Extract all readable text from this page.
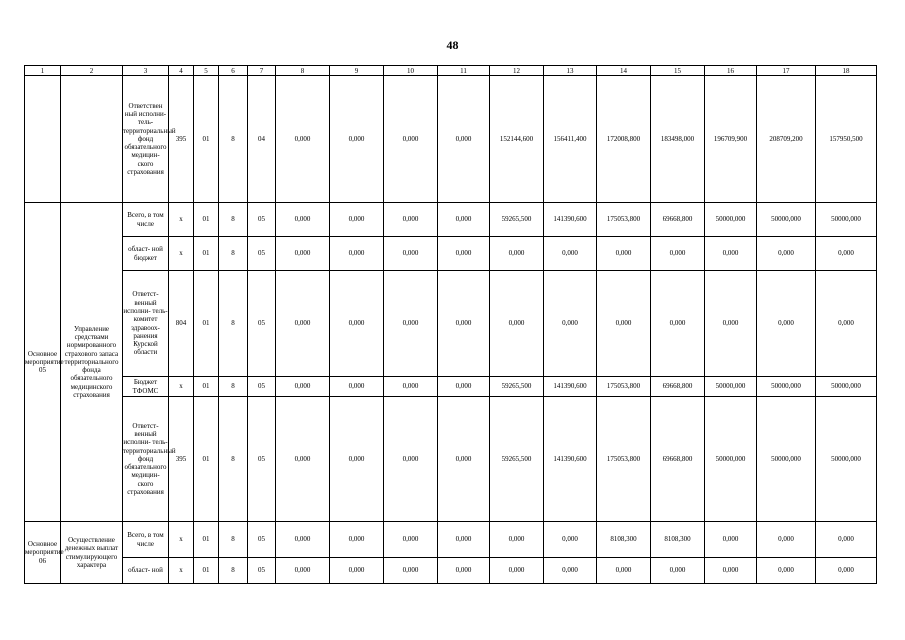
48
1	2	3	4	5	6	7	8	9	10	11	12	13	14	15	16	17	18
		Ответствен ный исполни- тель- территориальный фонд обязательного медицин- ского страхования	395	01	8	04	0,000	0,000	0,000	0,000	152144,600	156411,400	172008,800	183498,000	196709,900	208709,200	157950,500
Основное мероприятие 05	Управление средствами нормированного страхового запаса территориального фонда обязательного медицинского страхования	Всего, в том числе	x	01	8	05	0,000	0,000	0,000	0,000	59265,500	141390,600	175053,800	69668,800	50000,000	50000,000	50000,000
		област- ной бюджет	x	01	8	05	0,000	0,000	0,000	0,000	0,000	0,000	0,000	0,000	0,000	0,000	0,000
		Ответст- венный исполни- тель- комитет здравоох- ранения Курской области	804	01	8	05	0,000	0,000	0,000	0,000	0,000	0,000	0,000	0,000	0,000	0,000	0,000
		Бюджет ТФОМС	x	01	8	05	0,000	0,000	0,000	0,000	59265,500	141390,600	175053,800	69668,800	50000,000	50000,000	50000,000
		Ответст- венный исполни- тель- территориальный фонд обязательного медицин- ского страхования	395	01	8	05	0,000	0,000	0,000	0,000	59265,500	141390,600	175053,800	69668,800	50000,000	50000,000	50000,000
Основное мероприятие 06	Осуществление денежных выплат стимулирующего характера	Всего, в том числе	x	01	8	05	0,000	0,000	0,000	0,000	0,000	0,000	8108,300	8108,300	0,000	0,000	0,000
		област- ной	x	01	8	05	0,000	0,000	0,000	0,000	0,000	0,000	0,000	0,000	0,000	0,000	0,000
